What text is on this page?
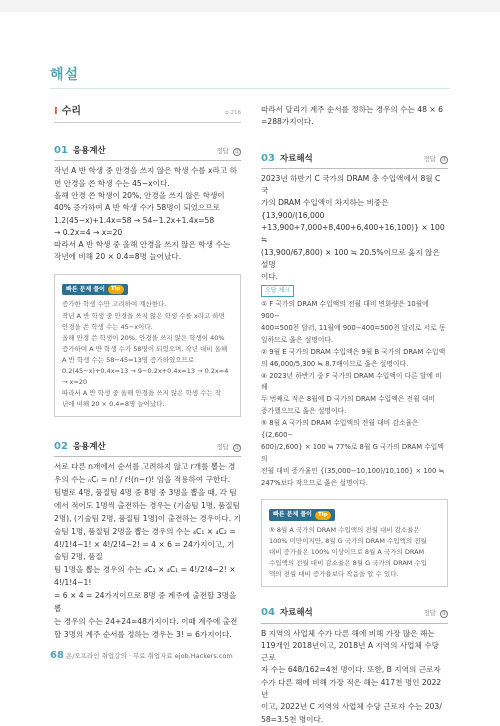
해설
I 수리	p.216
01 응용계산	정답 ①
작년 A 반 학생 중 안경을 쓰지 않은 학생 수를 x라고 하
면 안경을 쓴 학생 수는 45−x이다.
올해 안경 쓴 학생이 20%, 안경을 쓰지 않은 학생이
40% 증가하여 A 반 학생 수가 58명이 되었으므로
1.2(45−x)+1.4x=58 → 54−1.2x+1.4x=58
→ 0.2x=4 → x=20
따라서 A 반 학생 중 올해 안경을 쓰지 않은 학생 수는
작년에 비해 20 × 0.4=8명 늘어났다.
빠른 문제 풀이	Tip
증가한 학생 수만 고려하여 계산한다.
작년 A 반 학생 중 안경을 쓰지 않은 학생 수를 x라고 하면
안경을 쓴 학생 수는 45−x이다.
올해 안경 쓴 학생이 20%, 안경을 쓰지 않은 학생이 40%
증가하여 A 반 학생 수가 58명이 되었으며, 작년 대비 올해
A 반 학생 수는 58−45=13명 증가하였으므로
0.2(45−x)+0.4x=13 → 9−0.2x+0.4x=13 → 0.2x=4
→ x=20
따라서 A 반 학생 중 올해 안경을 쓰지 않은 학생 수는 작
년에 비해 20 × 0.4=8명 늘어났다.
02 응용계산	정답 ①
서로 다른 n개에서 순서를 고려하지 않고 r개를 뽑는 경
우의 수는 ₙCᵣ = n! / r!(n−r)! 임을 적용하여 구한다.
팀별로 4명, 품질팀 4명 중 8명 중 3명을 뽑을 때, 각 팀
에서 적어도 1명씩 출전하는 경우는 (기술팀 1명, 품질팀
2명), (기술팀 2명, 품질팀 1명)이 출전하는 경우이다. 기
술팀 1명, 품질팀 2명을 뽑는 경우의 수는 ₄C₁ × ₄C₂ =
4!/1!4−1! × 4!/2!4−2! = 4 × 6 = 24가지이고, 기술팀 2명, 품질
팀 1명을 뽑는 경우의 수는 ₄C₂ × ₄C₁ = 4!/2!4−2! × 4!/1!4−1!
= 6 × 4 = 24가지이므로 8명 중 계주에 출전할 3명을 뽑
는 경우의 수는 24+24=48가지이다. 이때 계주에 출전
할 3명의 계주 순서를 정하는 경우는 3! = 6가지이다.
따라서 달리기 계주 순서를 정하는 경우의 수는 48 × 6
=288가지이다.
03 자료해석	정답 ③
2023년 하반기 C 국가의 DRAM 총 수입액에서 8월 C 국
가의 DRAM 수입액이 차지하는 비중은 {13,900/(16,000
+13,900+7,000+8,400+6,400+16,100)} × 100 ≒
(13,900/67,800) × 100 ≒ 20.5%이므로 옳지 않은 설명
이다.
오답 체크
① F 국가의 DRAM 수입액의 전월 대비 변화량은 10월에 900−
400=500천 달러, 11월에 900−400=500천 달러로 서로 동
일하므로 옳은 설명이다.
② 9월 E 국가의 DRAM 수입액은 9월 B 국가의 DRAM 수입액
의 46,000/5,300 ≒ 8.7배이므로 옳은 설명이다.
④ 2023년 하반기 중 F 국가의 DRAM 수입액이 다른 달에 비해
두 번째로 적은 8월에 D 국가의 DRAM 수입액은 전월 대비
증가했으므로 옳은 설명이다.
⑤ 8월 A 국가의 DRAM 수입액의 전월 대비 감소율은 {(2,600−
600)/2,600} × 100 ≒ 77%로 8월 G 국가의 DRAM 수입액의
전월 대비 증가율인 {(35,000−10,100)/10,100} × 100 ≒
247%보다 작으므로 옳은 설명이다.
빠른 문제 풀이	Tip
⑤ 8월 A 국가의 DRAM 수입액의 전월 대비 감소율은
100% 미만이지만, 8월 G 국가의 DRAM 수입액의 전월
대비 증가율은 100% 이상이므로 8월 A 국가의 DRAM
수입액의 전월 대비 감소율은 8월 G 국가의 DRAM 수입
액의 전월 대비 증가율보다 작음을 알 수 있다.
04 자료해석	정답 ①
B 지역의 사업체 수가 다른 해에 비해 가장 많은 해는
119개인 2018년이고, 2018년 A 지역의 사업체 수당 근로
자 수는 648/162=4천 명이다. 또한, B 지역의 근로자
수가 다른 해에 비해 가장 적은 해는 417천 명인 2022년
이고, 2022년 C 지역의 사업체 수당 근로자 수는 203/
58=3.5천 명이다.
68 온/오프라인 취업강의 · 무료 취업자료 ejob.Hackers.com
